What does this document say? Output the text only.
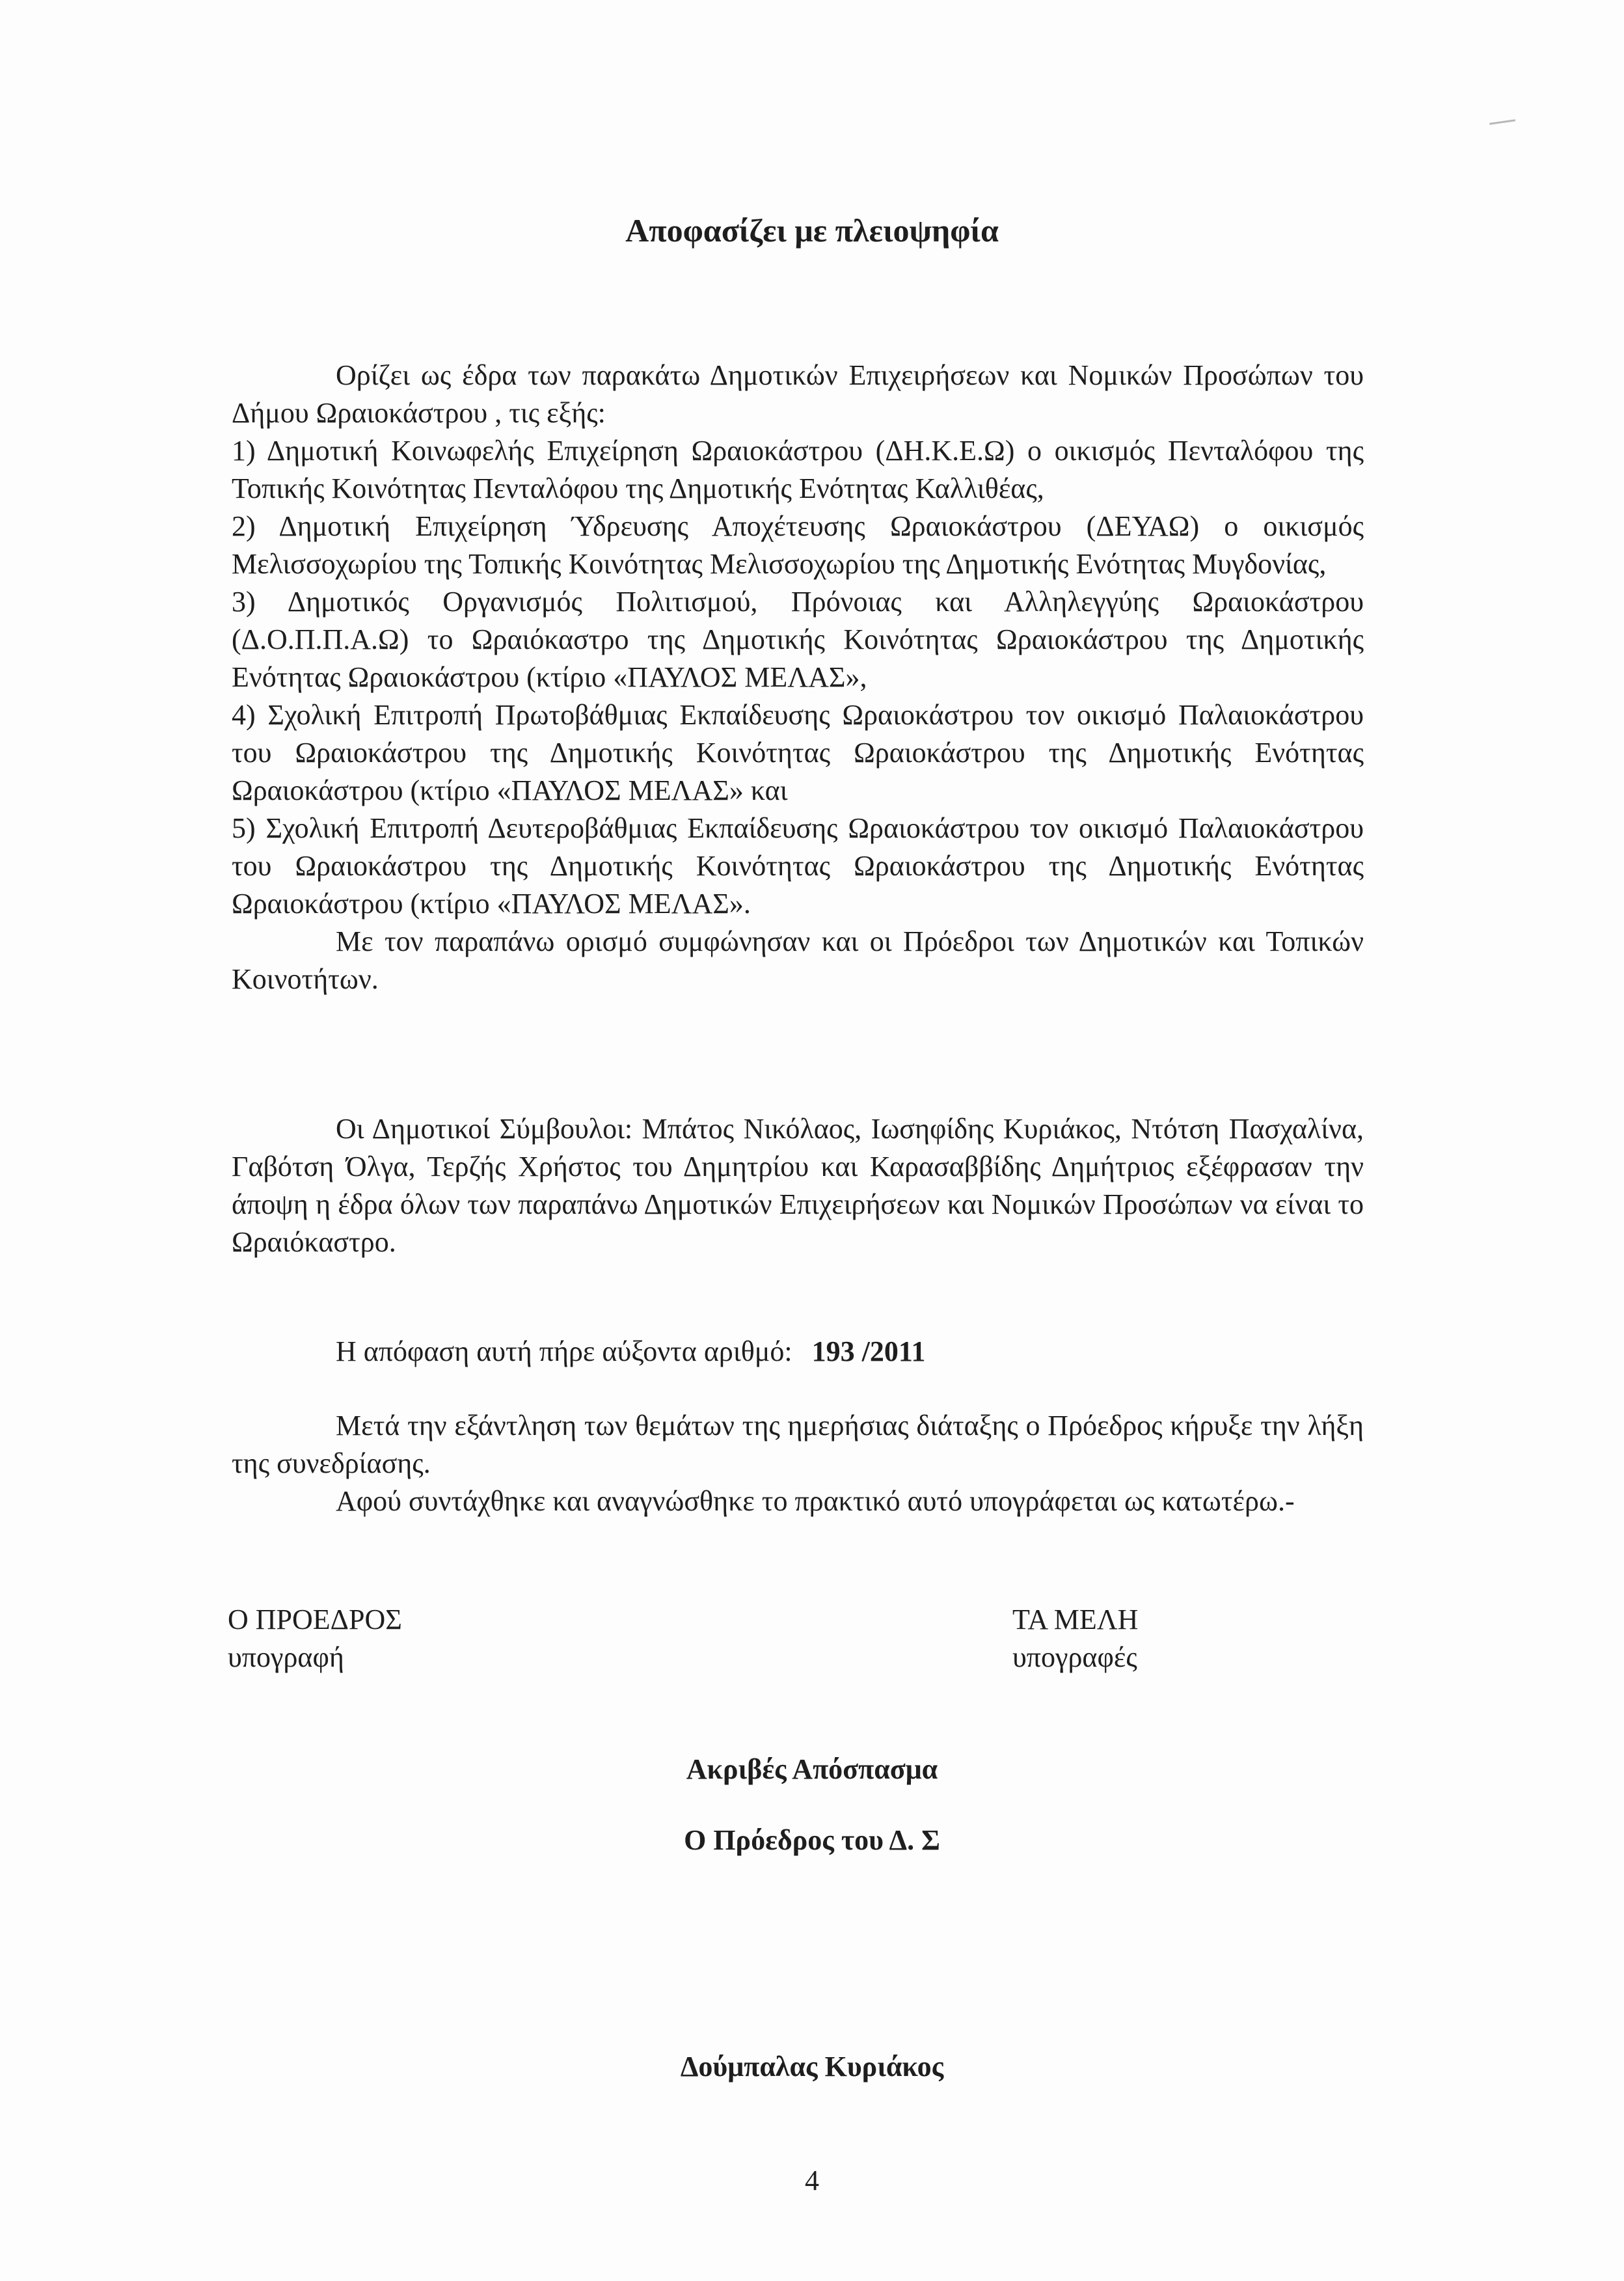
Αποφασίζει με πλειοψηφία

Ορίζει ως έδρα των παρακάτω Δημοτικών Επιχειρήσεων και Νομικών Προσώπων του Δήμου Ωραιοκάστρου , τις εξής:

1) Δημοτική Κοινωφελής Επιχείρηση Ωραιοκάστρου (ΔΗ.Κ.Ε.Ω) ο οικισμός Πενταλόφου της Τοπικής Κοινότητας Πενταλόφου της Δημοτικής Ενότητας Καλλιθέας,

2) Δημοτική Επιχείρηση Ύδρευσης Αποχέτευσης Ωραιοκάστρου (ΔΕΥΑΩ) ο οικισμός Μελισσοχωρίου της Τοπικής Κοινότητας Μελισσοχωρίου της Δημοτικής Ενότητας Μυγδονίας,

3) Δημοτικός Οργανισμός Πολιτισμού, Πρόνοιας και Αλληλεγγύης Ωραιοκάστρου (Δ.Ο.Π.Π.Α.Ω) το Ωραιόκαστρο της Δημοτικής Κοινότητας Ωραιοκάστρου της Δημοτικής Ενότητας Ωραιοκάστρου (κτίριο «ΠΑΥΛΟΣ ΜΕΛΑΣ»,

4) Σχολική Επιτροπή Πρωτοβάθμιας Εκπαίδευσης Ωραιοκάστρου τον οικισμό Παλαιοκάστρου του Ωραιοκάστρου της Δημοτικής Κοινότητας Ωραιοκάστρου της Δημοτικής Ενότητας Ωραιοκάστρου (κτίριο «ΠΑΥΛΟΣ ΜΕΛΑΣ» και

5) Σχολική Επιτροπή Δευτεροβάθμιας Εκπαίδευσης Ωραιοκάστρου τον οικισμό Παλαιοκάστρου του Ωραιοκάστρου της Δημοτικής Κοινότητας Ωραιοκάστρου της Δημοτικής Ενότητας Ωραιοκάστρου (κτίριο «ΠΑΥΛΟΣ ΜΕΛΑΣ».

Με τον παραπάνω ορισμό συμφώνησαν και οι Πρόεδροι των Δημοτικών και Τοπικών Κοινοτήτων.

Οι Δημοτικοί Σύμβουλοι: Μπάτος Νικόλαος, Ιωσηφίδης Κυριάκος, Ντότση Πασχαλίνα, Γαβότση Όλγα, Τερζής Χρήστος του Δημητρίου και Καρασαββίδης Δημήτριος εξέφρασαν την άποψη η έδρα όλων των παραπάνω Δημοτικών Επιχειρήσεων και Νομικών Προσώπων να είναι το Ωραιόκαστρο.

Η απόφαση αυτή πήρε αύξοντα αριθμό: 193 /2011

Μετά την εξάντληση των θεμάτων της ημερήσιας διάταξης ο Πρόεδρος κήρυξε την λήξη της συνεδρίασης.

Αφού συντάχθηκε και αναγνώσθηκε το πρακτικό αυτό υπογράφεται ως κατωτέρω.-

Ο ΠΡΟΕΔΡΟΣ
υπογραφή
ΤΑ ΜΕΛΗ
υπογραφές
Ακριβές Απόσπασμα
Ο Πρόεδρος του Δ. Σ
Δούμπαλας Κυριάκος
4
